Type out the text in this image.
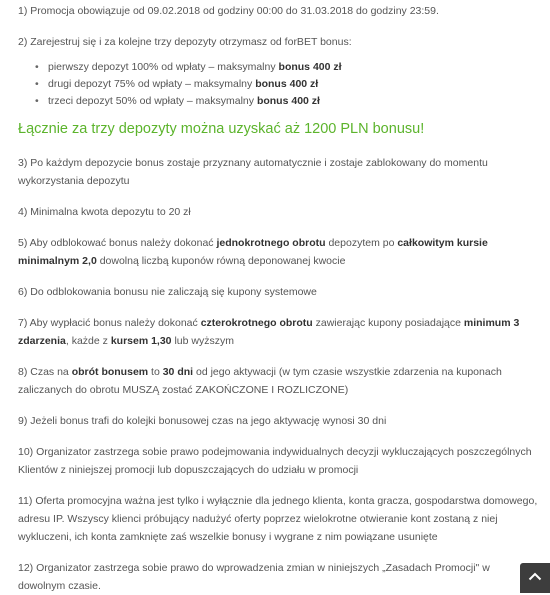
1) Promocja obowiązuje od 09.02.2018 od godziny 00:00 do 31.03.2018 do godziny 23:59.

2) Zarejestruj się i za kolejne trzy depozyty otrzymasz od forBET bonus:

• pierwszy depozyt 100% od wpłaty – maksymalny bonus 400 zł
• drugi depozyt 75% od wpłaty – maksymalny bonus 400 zł
• trzeci depozyt 50% od wpłaty – maksymalny bonus 400 zł
Łącznie za trzy depozyty można uzyskać aż 1200 PLN bonusu!

3) Po każdym depozycie bonus zostaje przyznany automatycznie i zostaje zablokowany do momentu wykorzystania depozytu

4) Minimalna kwota depozytu to 20 zł

5) Aby odblokować bonus należy dokonać jednokrotnego obrotu depozytem po całkowitym kursie minimalnym 2,0 dowolną liczbą kuponów równą deponowanej kwocie

6) Do odblokowania bonusu nie zaliczają się kupony systemowe

7) Aby wypłacić bonus należy dokonać czterokrotnego obrotu zawierając kupony posiadające minimum 3 zdarzenia, każde z kursem 1,30 lub wyższym

8) Czas na obrót bonusem to 30 dni od jego aktywacji (w tym czasie wszystkie zdarzenia na kuponach zaliczanych do obrotu MUSZĄ zostać ZAKOŃCZONE I ROZLICZONE)

9) Jeżeli bonus trafi do kolejki bonusowej czas na jego aktywację wynosi 30 dni

10) Organizator zastrzega sobie prawo podejmowania indywidualnych decyzji wykluczających poszczególnych Klientów z niniejszej promocji lub dopuszczających do udziału w promocji

11) Oferta promocyjna ważna jest tylko i wyłącznie dla jednego klienta, konta gracza, gospodarstwa domowego, adresu IP. Wszyscy klienci próbujący nadużyć oferty poprzez wielokrotne otwieranie kont zostaną z niej wykluczeni, ich konta zamknięte zaś wszelkie bonusy i wygrane z nim powiązane usunięte

12) Organizator zastrzega sobie prawo do wprowadzenia zmian w niniejszych „Zasadach Promocji" w dowolnym czasie.
